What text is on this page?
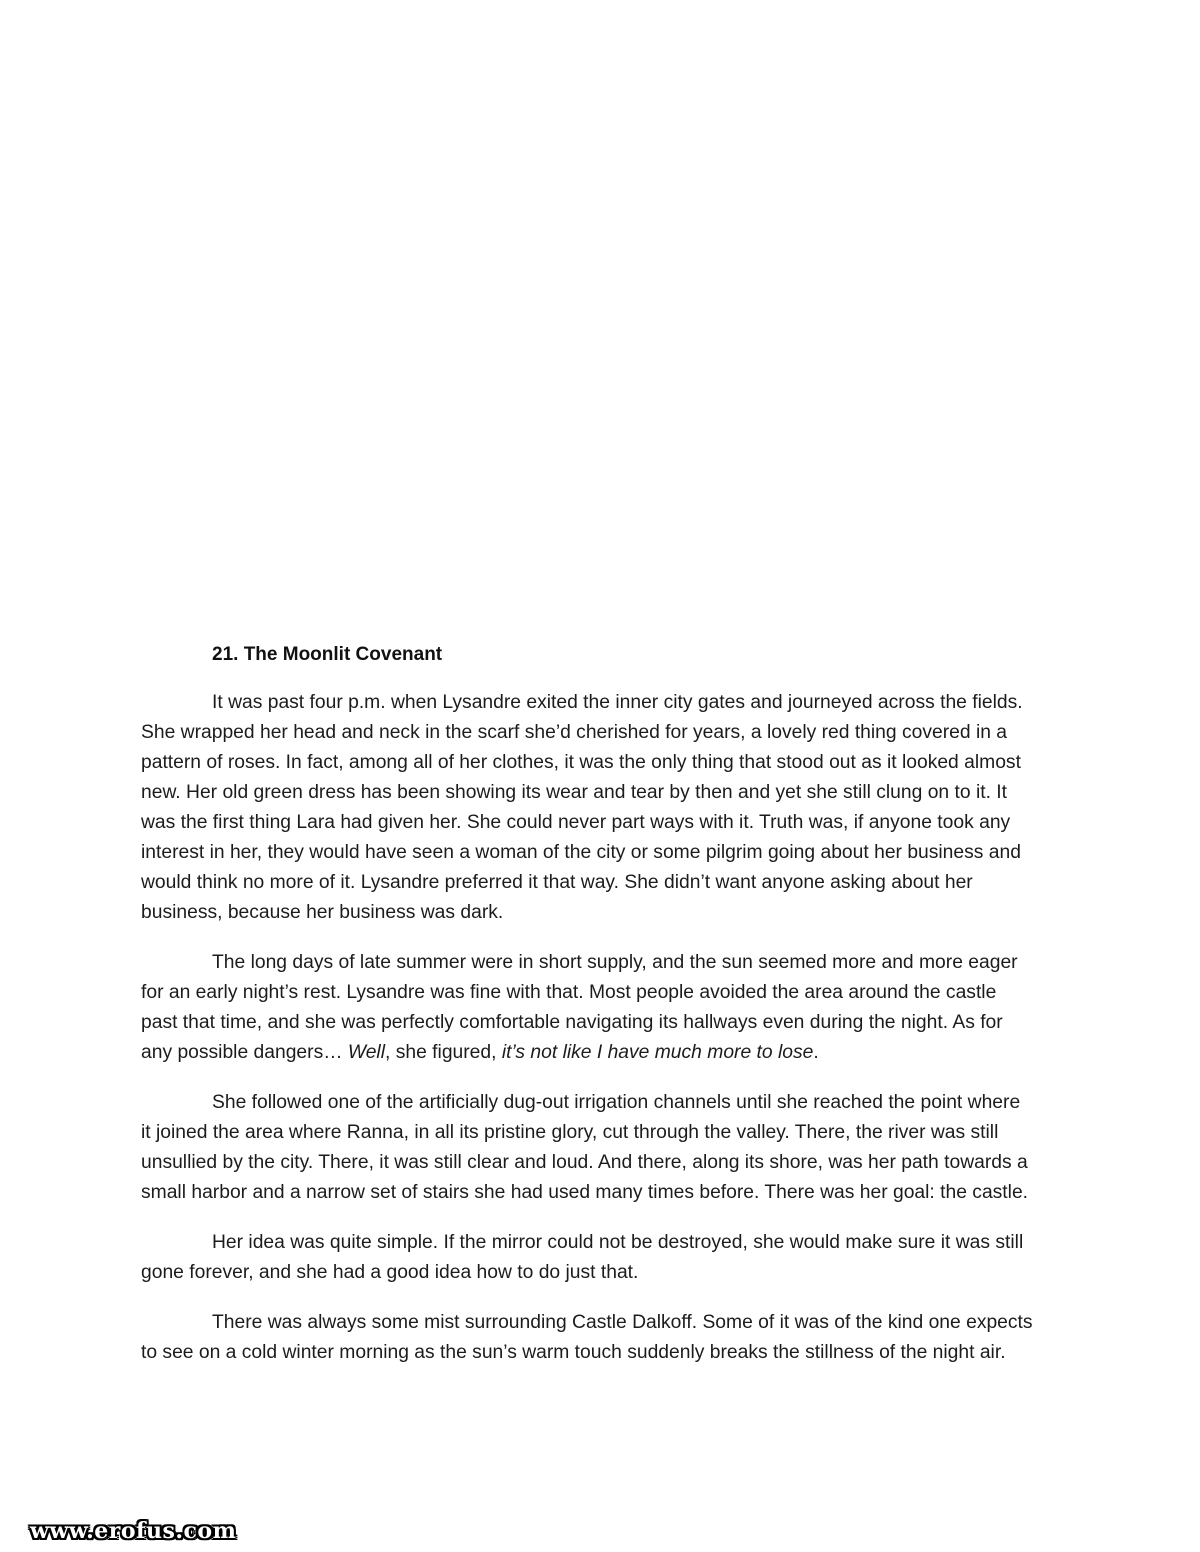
21. The Moonlit Covenant

It was past four p.m. when Lysandre exited the inner city gates and journeyed across the fields.
She wrapped her head and neck in the scarf she’d cherished for years, a lovely red thing covered in a
pattern of roses. In fact, among all of her clothes, it was the only thing that stood out as it looked almost
new. Her old green dress has been showing its wear and tear by then and yet she still clung on to it. It
was the first thing Lara had given her. She could never part ways with it. Truth was, if anyone took any
interest in her, they would have seen a woman of the city or some pilgrim going about her business and
would think no more of it. Lysandre preferred it that way. She didn’t want anyone asking about her
business, because her business was dark.

The long days of late summer were in short supply, and the sun seemed more and more eager
for an early night’s rest. Lysandre was fine with that. Most people avoided the area around the castle
past that time, and she was perfectly comfortable navigating its hallways even during the night. As for
any possible dangers… Well, she figured, it’s not like I have much more to lose.

She followed one of the artificially dug-out irrigation channels until she reached the point where
it joined the area where Ranna, in all its pristine glory, cut through the valley. There, the river was still
unsullied by the city. There, it was still clear and loud. And there, along its shore, was her path towards a
small harbor and a narrow set of stairs she had used many times before. There was her goal: the castle.

Her idea was quite simple. If the mirror could not be destroyed, she would make sure it was still
gone forever, and she had a good idea how to do just that.

There was always some mist surrounding Castle Dalkoff. Some of it was of the kind one expects
to see on a cold winter morning as the sun’s warm touch suddenly breaks the stillness of the night air.

www.erofus.com
